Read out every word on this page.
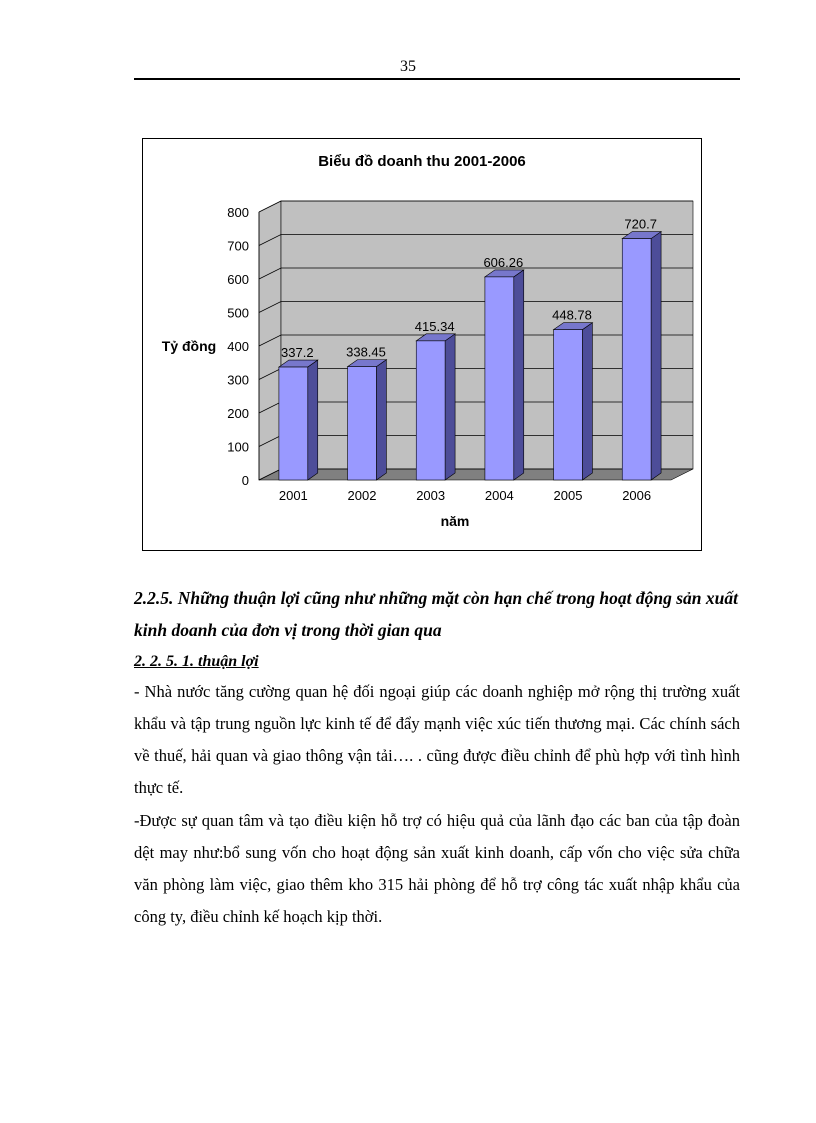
35
Biểu đồ doanh thu 2001-2006
Tỷ đồng
năm
0
100
200
300
400
500
600
700
800
2001	2002	2003	2004	2005	2006
337.2	338.45
415.34
606.26
448.78
720.7
2.2.5. Những thuận lợi cũng như những mặt còn hạn chế trong hoạt động sản xuất kinh doanh của đơn vị trong thời gian qua
2. 2. 5. 1. thuận lợi

- Nhà nước tăng cường quan hệ đối ngoại giúp các doanh nghiệp mở rộng thị trường xuất khẩu và tập trung nguồn lực kinh tế để đẩy mạnh việc xúc tiến thương mại. Các chính sách về thuế, hải quan và giao thông vận tải…. . cũng được điều chỉnh để phù hợp với tình hình thực tế.

-Được sự quan tâm và tạo điều kiện hỗ trợ có hiệu quả của lãnh đạo các ban của tập đoàn dệt may như:bổ sung vốn cho hoạt động sản xuất kinh doanh, cấp vốn cho việc sửa chữa văn phòng làm việc, giao thêm kho 315 hải phòng để hỗ trợ công tác xuất nhập khẩu của công ty, điều chỉnh kế hoạch kịp thời.
